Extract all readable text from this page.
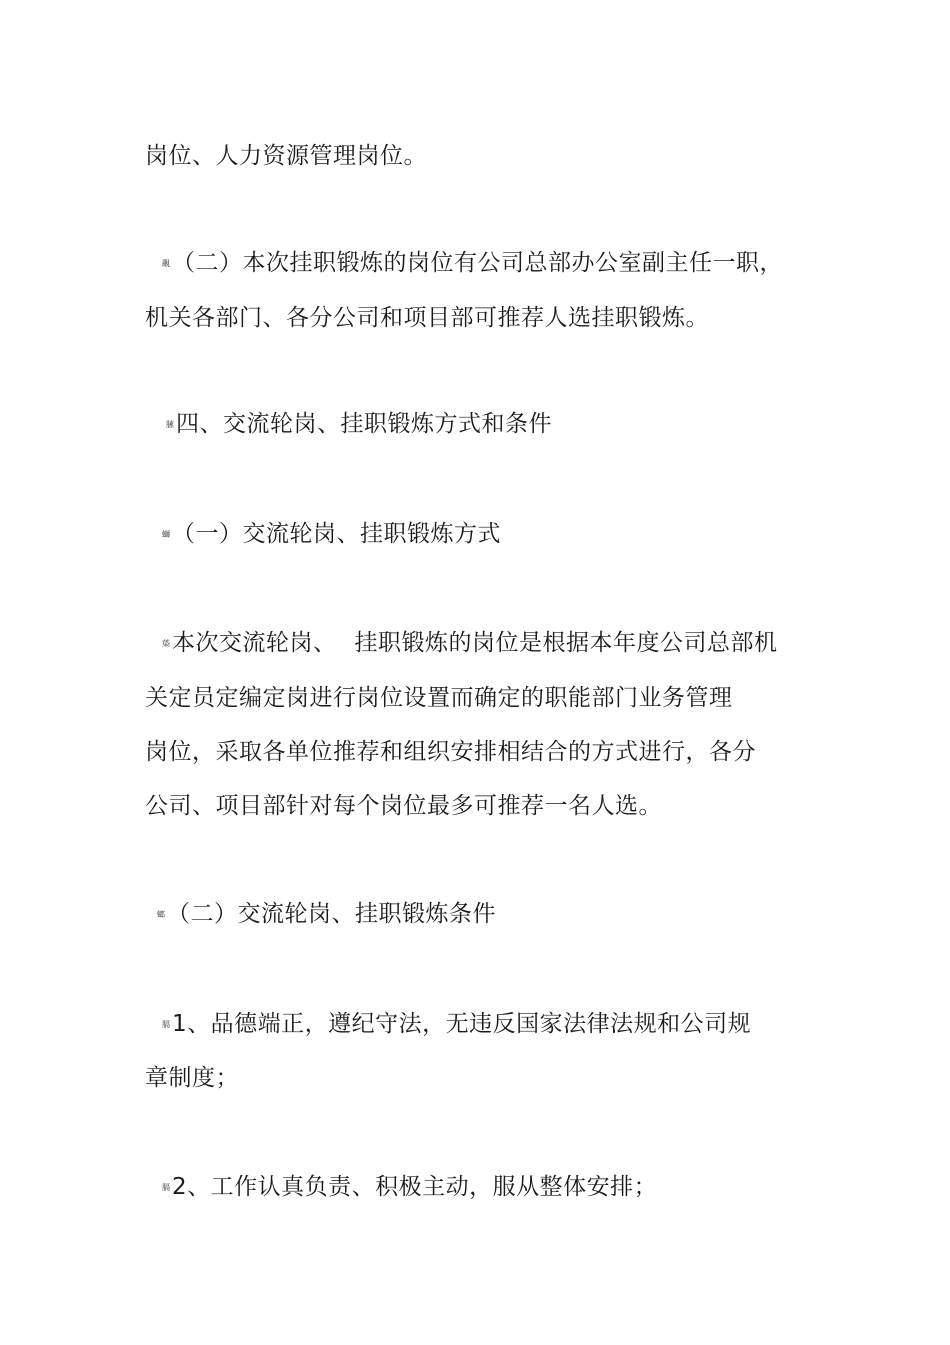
岗位、人力资源管理岗位。
覶（二）本次挂职锻炼的岗位有公司总部办公室副主任一职，
机关各部门、各分公司和项目部可推荐人选挂职锻炼。
膆四、交流轮岗、挂职锻炼方式和条件
螄（一）交流轮岗、挂职锻炼方式
蒅本次交流轮岗、 挂职锻炼的岗位是根据本年度公司总部机
关定员定编定岗进行岗位设置而确定的职能部门业务管理
岗位，采取各单位推荐和组织安排相结合的方式进行，各分
公司、项目部针对每个岗位最多可推荐一名人选。
螂（二）交流轮岗、挂职锻炼条件
膈1、品德端正，遵纪守法，无违反国家法律法规和公司规
章制度；
膈2、工作认真负责、积极主动，服从整体安排；
